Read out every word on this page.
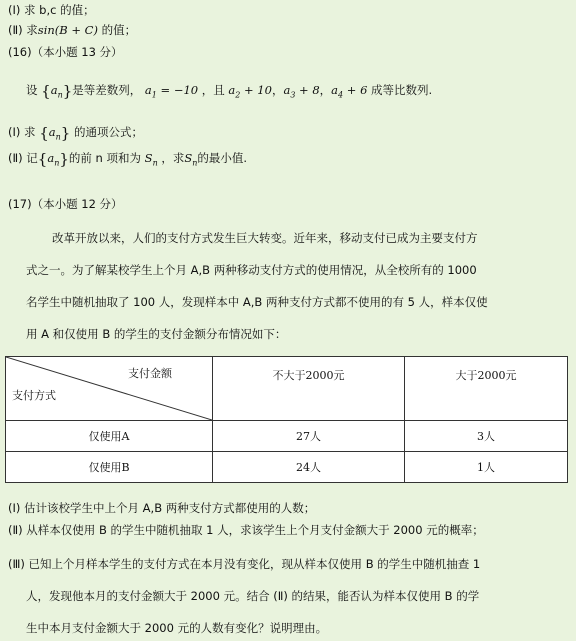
(Ⅰ) 求 b,c 的值；
(Ⅱ) 求sin(B + C) 的值；
(16)（本小题 13 分）
设 $\{a_n\}$是等差数列， $a_1 = -10$ ，且 $a_2 + 10$，$a_3 + 8$，$a_4 + 6$ 成等比数列.
(Ⅰ) 求 $\{a_n\}$ 的通项公式；
(Ⅱ) 记$\{a_n\}$的前 n 项和为 $S_n$ ，求$S_n$的最小值.
(17)（本小题 12 分）
改革开放以来，人们的支付方式发生巨大转变。近年来，移动支付已成为主要支付方
式之一。为了解某校学生上个月 A,B 两种移动支付方式的使用情况，从全校所有的 1000
名学生中随机抽取了 100 人，发现样本中 A,B 两种支付方式都不使用的有 5 人，样本仅使
用 A 和仅使用 B 的学生的支付金额分布情况如下：
支付金额
支付方式	不大于2000元	大于2000元
仅使用A	27人	3人
仅使用B	24人	1人
(Ⅰ) 估计该校学生中上个月 A,B 两种支付方式都使用的人数；
(Ⅱ) 从样本仅使用 B 的学生中随机抽取 1 人，求该学生上个月支付金额大于 2000 元的概率；
(Ⅲ) 已知上个月样本学生的支付方式在本月没有变化，现从样本仅使用 B 的学生中随机抽查 1
人，发现他本月的支付金额大于 2000 元。结合 (Ⅱ) 的结果，能否认为样本仅使用 B 的学
生中本月支付金额大于 2000 元的人数有变化？说明理由。
